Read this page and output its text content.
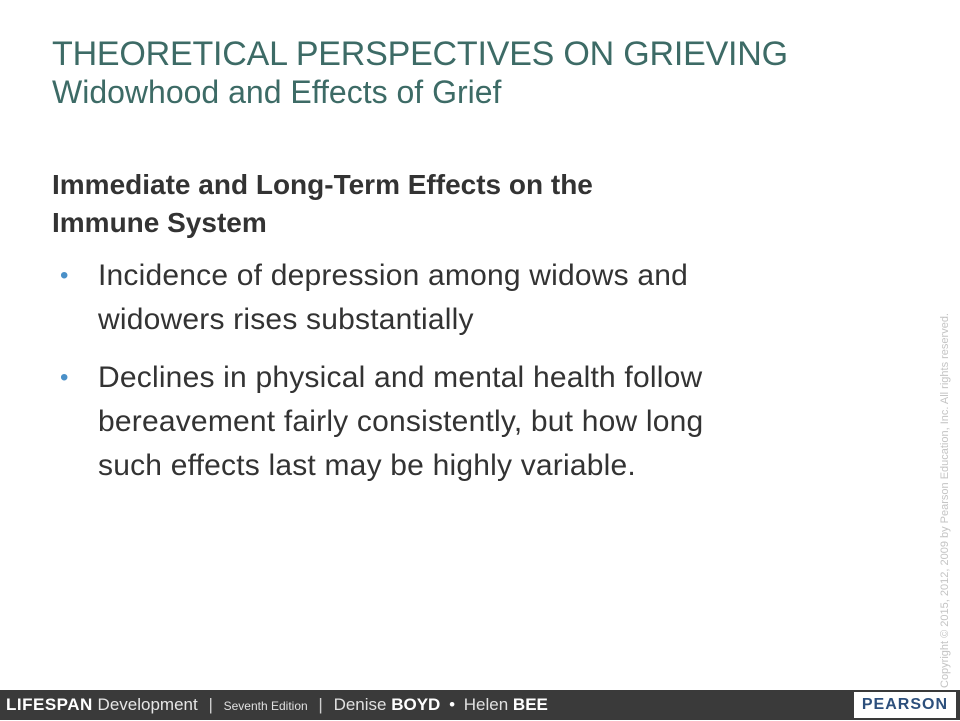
THEORETICAL PERSPECTIVES ON GRIEVING
Widowhood and Effects of Grief
Immediate and Long-Term Effects on the
Immune System
• Incidence of depression among widows and
widowers rises substantially
• Declines in physical and mental health follow
bereavement fairly consistently, but how long
such effects last may be highly variable.	Copyright © 2015, 2012, 2009 by Pearson Education, Inc. All rights reserved.
LIFESPAN Development | Seventh Edition | Denise BOYD • Helen BEE	PEARSON
